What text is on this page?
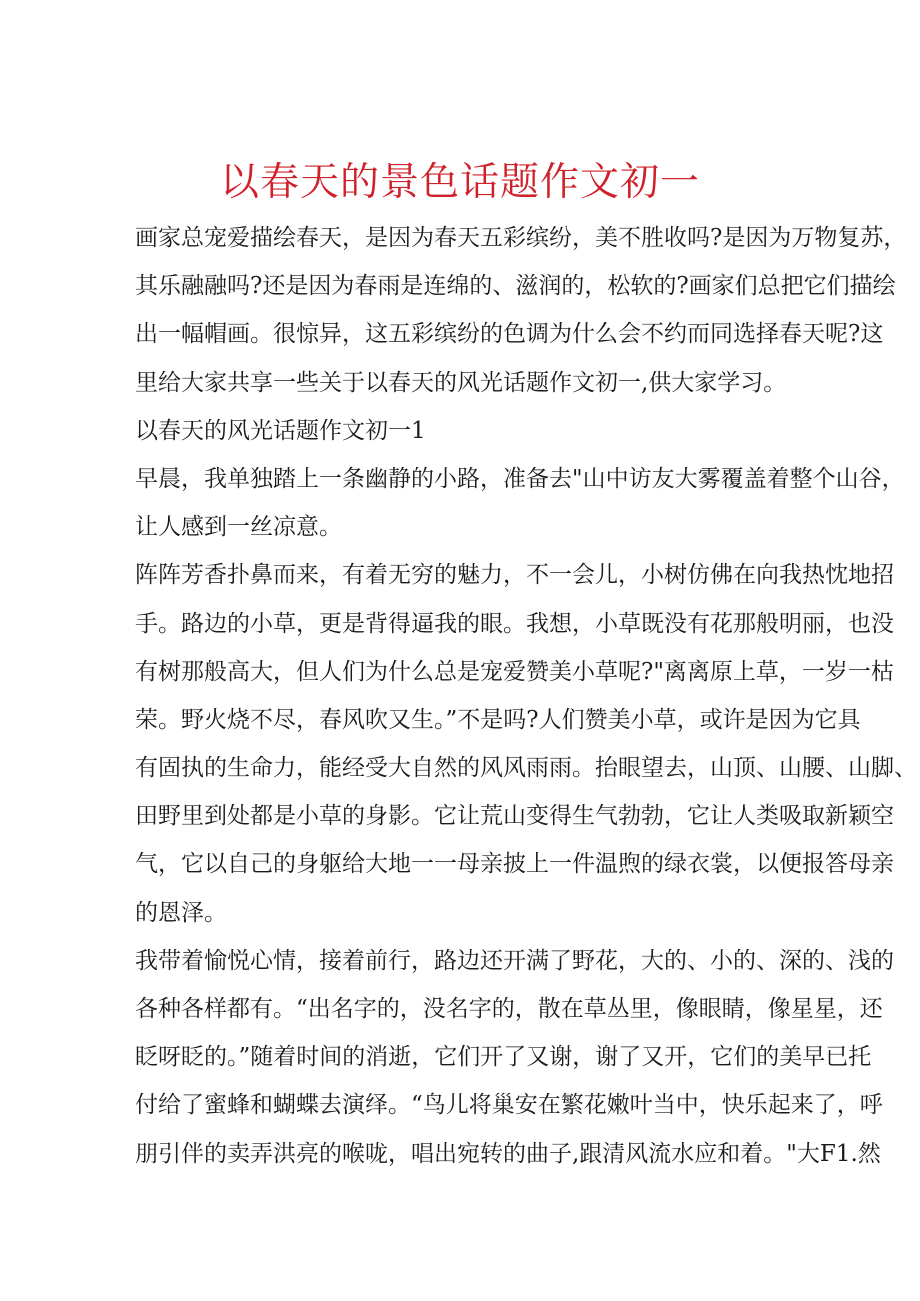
以春天的景色话题作文初一
画家总宠爱描绘春天，是因为春天五彩缤纷，美不胜收吗?是因为万物复苏，
其乐融融吗?还是因为春雨是连绵的、滋润的，松软的?画家们总把它们描绘
出一幅帽画。很惊异，这五彩缤纷的色调为什么会不约而同选择春天呢?这
里给大家共享一些关于以春天的风光话题作文初一,供大家学习。
以春天的风光话题作文初一1
早晨，我单独踏上一条幽静的小路，准备去"山中访友大雾覆盖着整个山谷，
让人感到一丝凉意。
阵阵芳香扑鼻而来，有着无穷的魅力，不一会儿，小树仿佛在向我热忱地招
手。路边的小草，更是背得逼我的眼。我想，小草既没有花那般明丽，也没
有树那般高大，但人们为什么总是宠爱赞美小草呢?"离离原上草，一岁一枯
荣。野火烧不尽，春风吹又生。”不是吗?人们赞美小草，或许是因为它具
有固执的生命力，能经受大自然的风风雨雨。抬眼望去，山顶、山腰、山脚、
田野里到处都是小草的身影。它让荒山变得生气勃勃，它让人类吸取新颖空
气，它以自己的身躯给大地一一母亲披上一件温煦的绿衣裳，以便报答母亲
的恩泽。
我带着愉悦心情，接着前行，路边还开满了野花，大的、小的、深的、浅的
各种各样都有。“出名字的，没名字的，散在草丛里，像眼睛，像星星，还
眨呀眨的。”随着时间的消逝，它们开了又谢，谢了又开，它们的美早已托
付给了蜜蜂和蝴蝶去演绎。“鸟儿将巢安在繁花嫩叶当中，快乐起来了，呼
朋引伴的卖弄洪亮的喉咙，唱出宛转的曲子,跟清风流水应和着。"大F1.然
